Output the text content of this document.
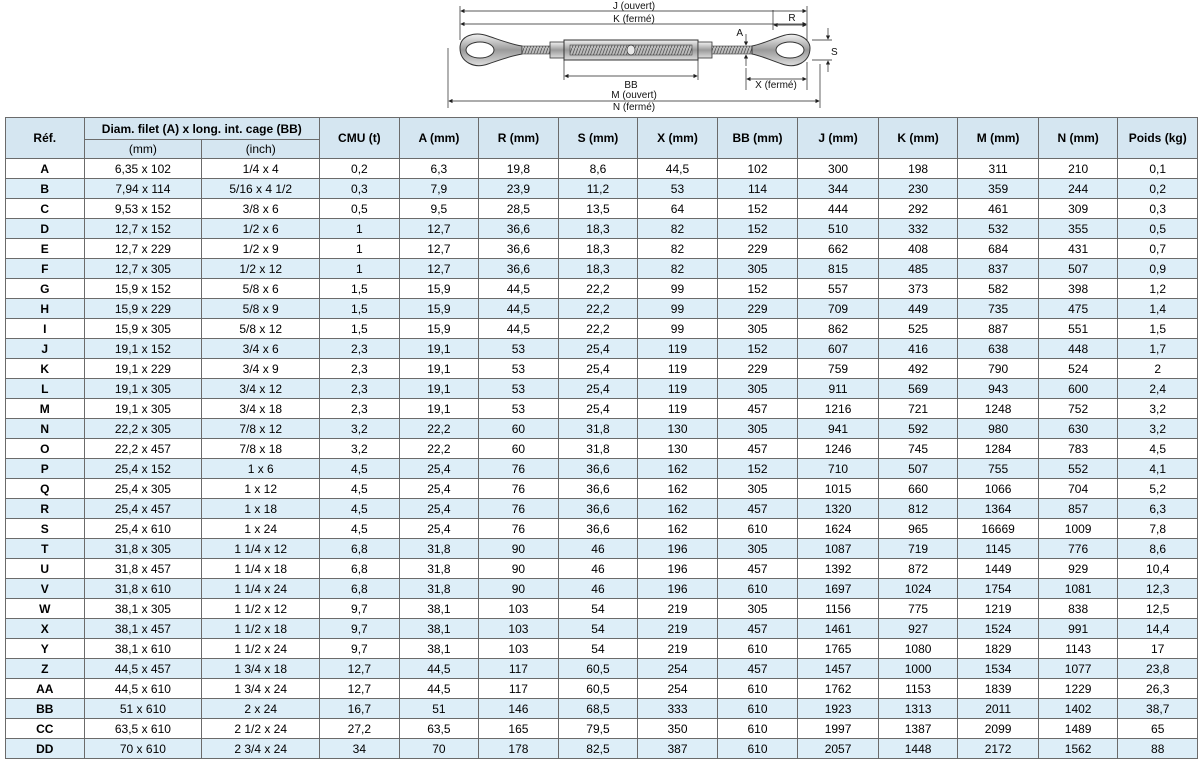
J (ouvert)
K (fermé)	R
A
S
BB	X (fermé)
M (ouvert)
N (fermé)
Réf.	Diam. filet (A) x long. int. cage (BB)		CMU (t)	A (mm)	R (mm)	S (mm)	X (mm)	BB (mm)	J (mm)	K (mm)	M (mm)	N (mm)	Poids (kg)
	(mm)	(inch)											
A	6,35 x 102	1/4 x 4	0,2	6,3	19,8	8,6	44,5	102	300	198	311	210	0,1
B	7,94 x 114	5/16 x 4 1/2	0,3	7,9	23,9	11,2	53	114	344	230	359	244	0,2
C	9,53 x 152	3/8 x 6	0,5	9,5	28,5	13,5	64	152	444	292	461	309	0,3
D	12,7 x 152	1/2 x 6	1	12,7	36,6	18,3	82	152	510	332	532	355	0,5
E	12,7 x 229	1/2 x 9	1	12,7	36,6	18,3	82	229	662	408	684	431	0,7
F	12,7 x 305	1/2 x 12	1	12,7	36,6	18,3	82	305	815	485	837	507	0,9
G	15,9 x 152	5/8 x 6	1,5	15,9	44,5	22,2	99	152	557	373	582	398	1,2
H	15,9 x 229	5/8 x 9	1,5	15,9	44,5	22,2	99	229	709	449	735	475	1,4
I	15,9 x 305	5/8 x 12	1,5	15,9	44,5	22,2	99	305	862	525	887	551	1,5
J	19,1 x 152	3/4 x 6	2,3	19,1	53	25,4	119	152	607	416	638	448	1,7
K	19,1 x 229	3/4 x 9	2,3	19,1	53	25,4	119	229	759	492	790	524	2
L	19,1 x 305	3/4 x 12	2,3	19,1	53	25,4	119	305	911	569	943	600	2,4
M	19,1 x 305	3/4 x 18	2,3	19,1	53	25,4	119	457	1216	721	1248	752	3,2
N	22,2 x 305	7/8 x 12	3,2	22,2	60	31,8	130	305	941	592	980	630	3,2
O	22,2 x 457	7/8 x 18	3,2	22,2	60	31,8	130	457	1246	745	1284	783	4,5
P	25,4 x 152	1 x 6	4,5	25,4	76	36,6	162	152	710	507	755	552	4,1
Q	25,4 x 305	1 x 12	4,5	25,4	76	36,6	162	305	1015	660	1066	704	5,2
R	25,4 x 457	1 x 18	4,5	25,4	76	36,6	162	457	1320	812	1364	857	6,3
S	25,4 x 610	1 x 24	4,5	25,4	76	36,6	162	610	1624	965	16669	1009	7,8
T	31,8 x 305	1 1/4 x 12	6,8	31,8	90	46	196	305	1087	719	1145	776	8,6
U	31,8 x 457	1 1/4 x 18	6,8	31,8	90	46	196	457	1392	872	1449	929	10,4
V	31,8 x 610	1 1/4 x 24	6,8	31,8	90	46	196	610	1697	1024	1754	1081	12,3
W	38,1 x 305	1 1/2 x 12	9,7	38,1	103	54	219	305	1156	775	1219	838	12,5
X	38,1 x 457	1 1/2 x 18	9,7	38,1	103	54	219	457	1461	927	1524	991	14,4
Y	38,1 x 610	1 1/2 x 24	9,7	38,1	103	54	219	610	1765	1080	1829	1143	17
Z	44,5 x 457	1 3/4 x 18	12,7	44,5	117	60,5	254	457	1457	1000	1534	1077	23,8
AA	44,5 x 610	1 3/4 x 24	12,7	44,5	117	60,5	254	610	1762	1153	1839	1229	26,3
BB	51 x 610	2 x 24	16,7	51	146	68,5	333	610	1923	1313	2011	1402	38,7
CC	63,5 x 610	2 1/2 x 24	27,2	63,5	165	79,5	350	610	1997	1387	2099	1489	65
DD	70 x 610	2 3/4 x 24	34	70	178	82,5	387	610	2057	1448	2172	1562	88
